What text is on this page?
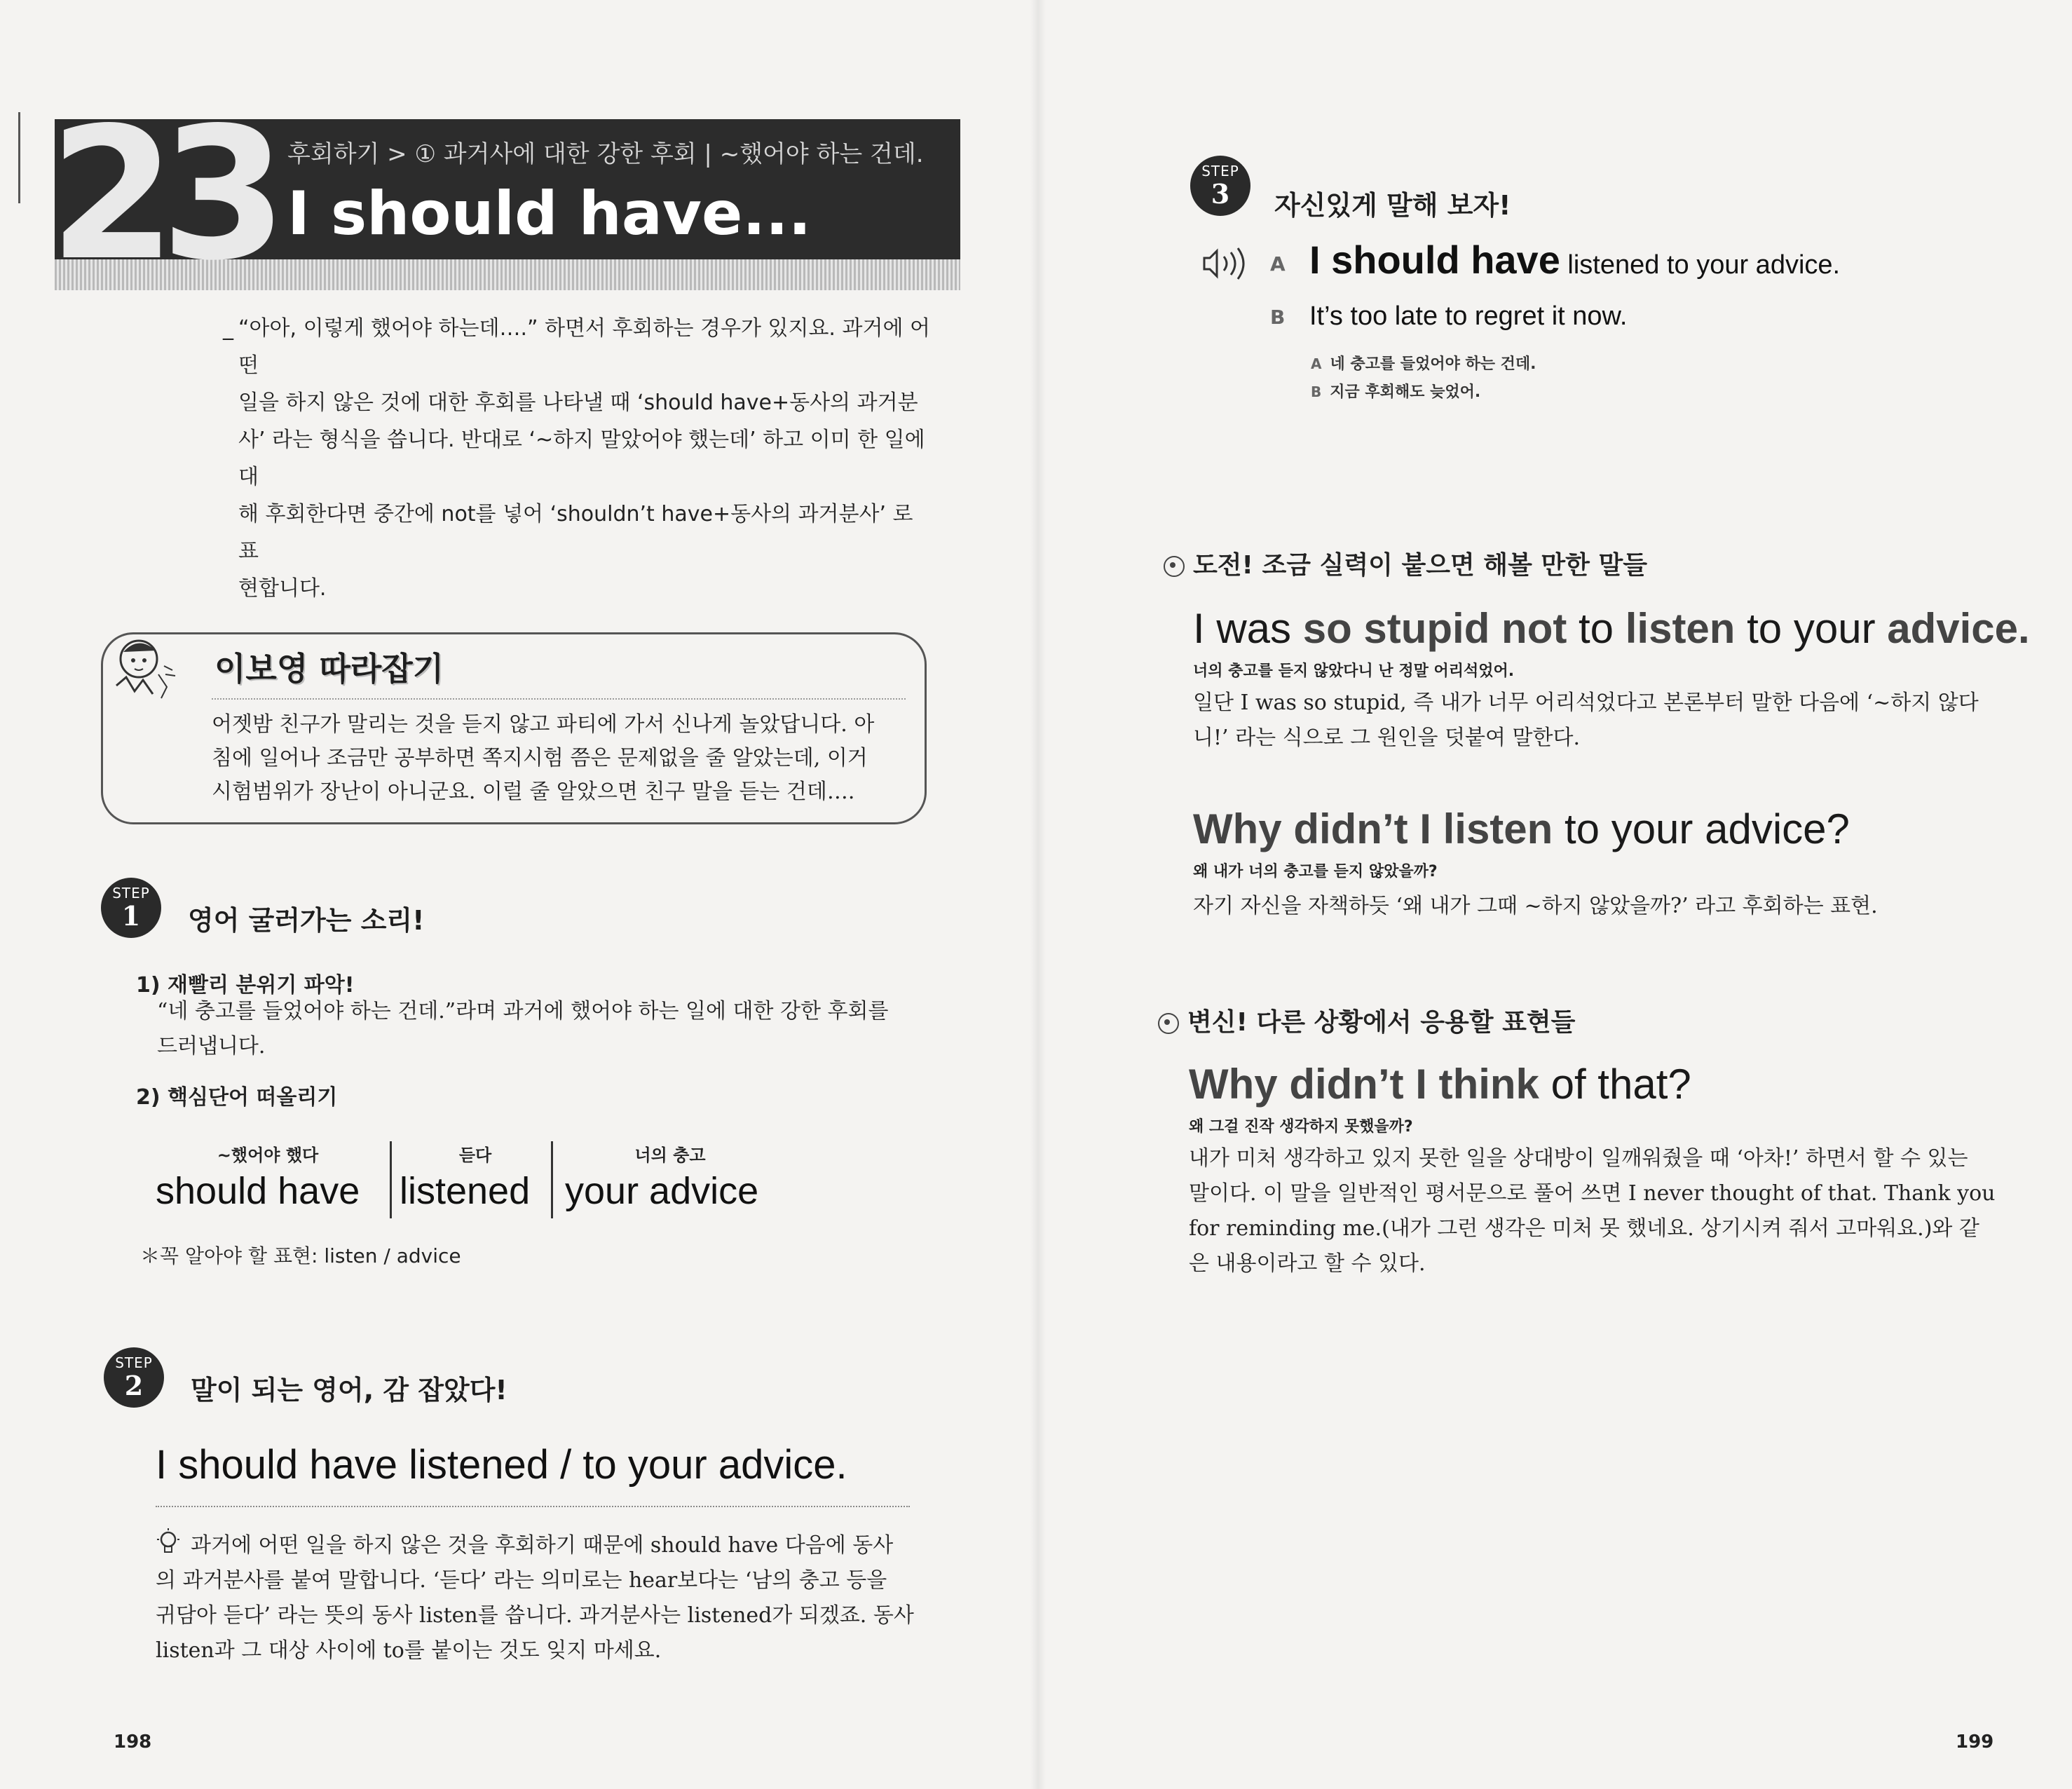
23 후회하기 > ① 과거사에 대한 강한 후회 | ~했어야 하는 건데.
I should have...
_ “아아, 이렇게 했어야 하는데….” 하면서 후회하는 경우가 있지요. 과거에 어떤
일을 하지 않은 것에 대한 후회를 나타낼 때 ‘should have+동사의 과거분
사’ 라는 형식을 씁니다. 반대로 ‘~하지 말았어야 했는데’ 하고 이미 한 일에 대
해 후회한다면 중간에 not를 넣어 ‘shouldn’t have+동사의 과거분사’ 로 표
현합니다.
이보영 따라잡기
어젯밤 친구가 말리는 것을 듣지 않고 파티에 가서 신나게 놀았답니다. 아
침에 일어나 조금만 공부하면 쪽지시험 쯤은 문제없을 줄 알았는데, 이거
시험범위가 장난이 아니군요. 이럴 줄 알았으면 친구 말을 듣는 건데….
STEP
1	영어 굴러가는 소리!
1) 재빨리 분위기 파악!
“네 충고를 들었어야 하는 건데.”라며 과거에 했어야 하는 일에 대한 강한 후회를
드러냅니다.
2) 핵심단어 떠올리기
~했어야 했다
should have
듣다
listened
너의 충고
your advice
＊꼭 알아야 할 표현: listen / advice
STEP
2	말이 되는 영어, 감 잡았다!
I should have listened / to your advice.
과거에 어떤 일을 하지 않은 것을 후회하기 때문에 should have 다음에 동사
의 과거분사를 붙여 말합니다. ‘듣다’ 라는 의미로는 hear보다는 ‘남의 충고 등을
귀담아 듣다’ 라는 뜻의 동사 listen를 씁니다. 과거분사는 listened가 되겠죠. 동사
listen과 그 대상 사이에 to를 붙이는 것도 잊지 마세요.
198
STEP
3	자신있게 말해 보자!
A I should have listened to your advice.
B It’s too late to regret it now.
A 네 충고를 들었어야 하는 건데.
B 지금 후회해도 늦었어.
도전! 조금 실력이 붙으면 해볼 만한 말들
I was so stupid not to listen to your advice.
너의 충고를 듣지 않았다니 난 정말 어리석었어.
일단 I was so stupid, 즉 내가 너무 어리석었다고 본론부터 말한 다음에 ‘~하지 않다
니!’ 라는 식으로 그 원인을 덧붙여 말한다.
Why didn’t I listen to your advice?
왜 내가 너의 충고를 듣지 않았을까?
자기 자신을 자책하듯 ‘왜 내가 그때 ~하지 않았을까?’ 라고 후회하는 표현.
변신! 다른 상황에서 응용할 표현들
Why didn’t I think of that?
왜 그걸 진작 생각하지 못했을까?
내가 미처 생각하고 있지 못한 일을 상대방이 일깨워줬을 때 ‘아차!’ 하면서 할 수 있는
말이다. 이 말을 일반적인 평서문으로 풀어 쓰면 I never thought of that. Thank you
for reminding me.(내가 그런 생각은 미처 못 했네요. 상기시켜 줘서 고마워요.)와 같
은 내용이라고 할 수 있다.
199
